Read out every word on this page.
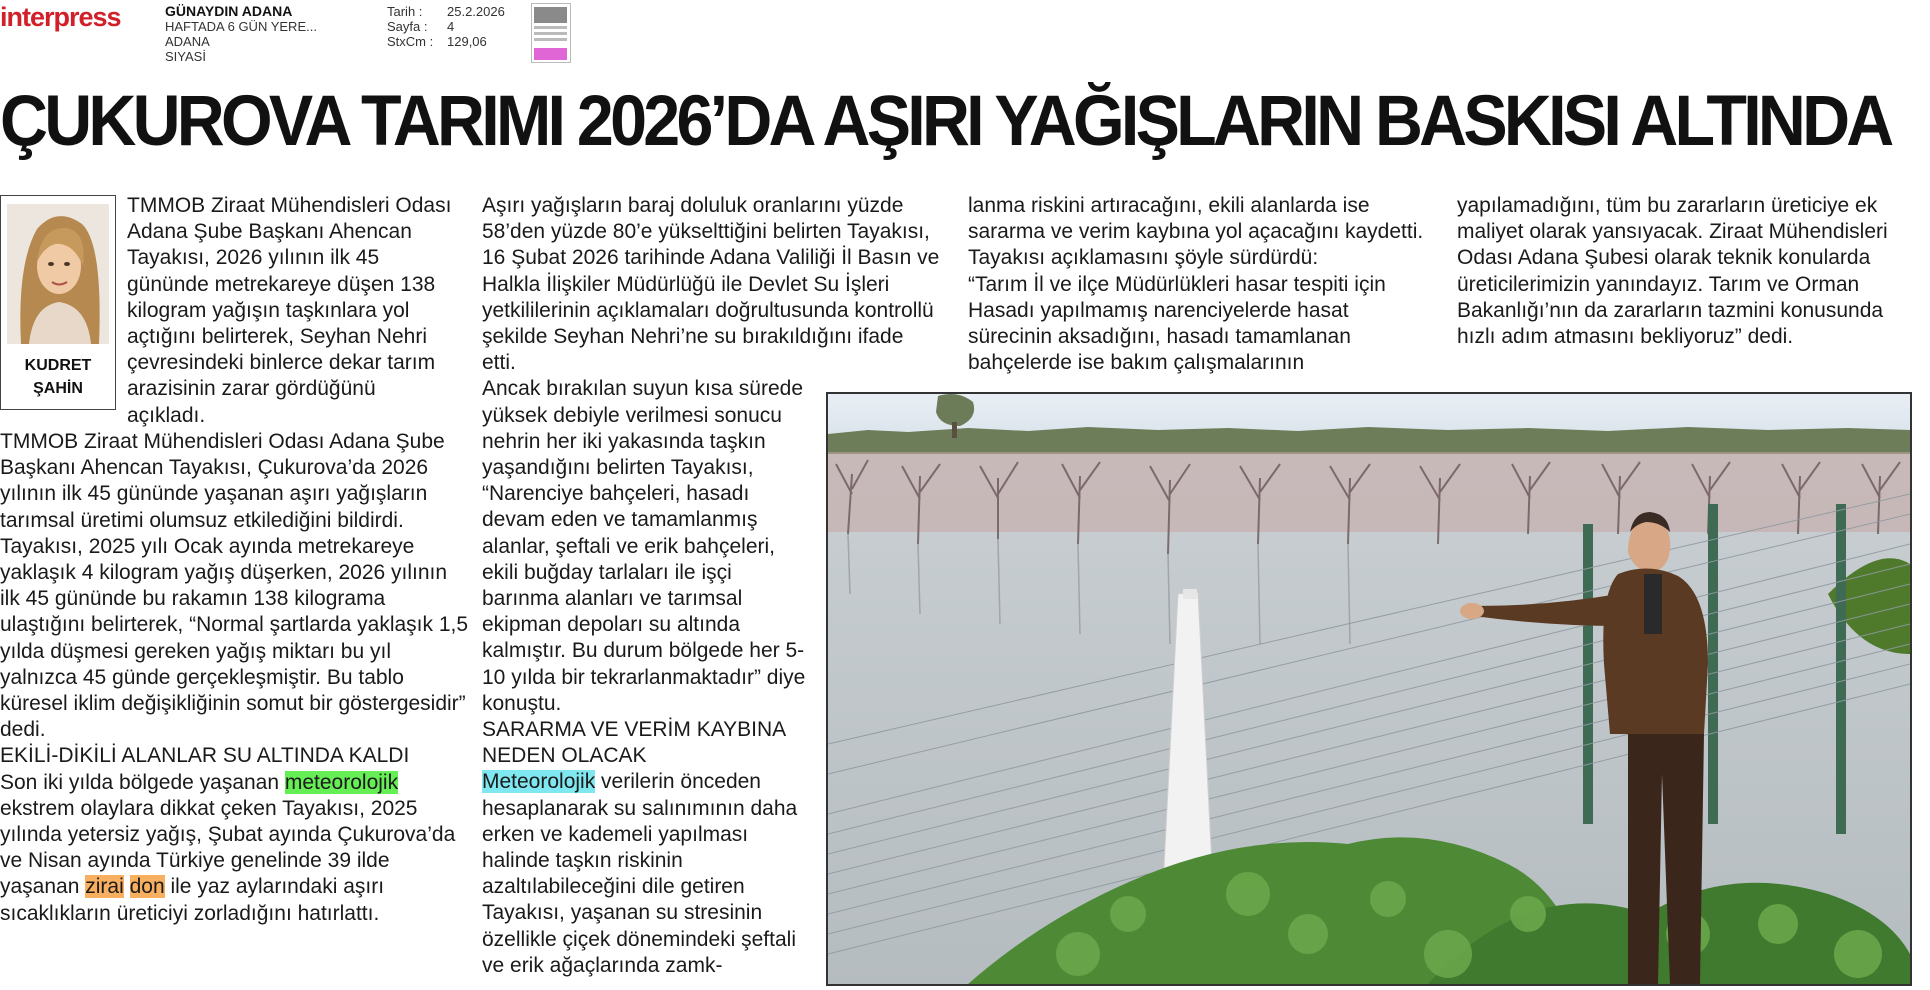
interpress	GÜNAYDIN ADANA
HAFTADA 6 GÜN YERE...
ADANA
SIYASİ
Tarih :	25.2.2026
Sayfa :	4
StxCm :	129,06
ÇUKUROVA TARIMI 2026’DA AŞIRI YAĞIŞLARIN BASKISI ALTINDA
KUDRET
ŞAHİN

TMMOB Ziraat Mühendisleri Odası Adana Şube Başkanı Ahencan Tayakısı, 2026 yılının ilk 45 gününde metrekareye düşen 138 kilogram yağışın taşkınlara yol açtığını belirterek, Seyhan Nehri çevresindeki binlerce dekar tarım arazisinin zarar gördüğünü açıkladı.

TMMOB Ziraat Mühendisleri Odası Adana Şube Başkanı Ahencan Tayakısı, Çukurova’da 2026 yılının ilk 45 gününde yaşanan aşırı yağışların tarımsal üretimi olumsuz etkilediğini bildirdi.

Tayakısı, 2025 yılı Ocak ayında metrekareye yaklaşık 4 kilogram yağış düşerken, 2026 yılının ilk 45 gününde bu rakamın 138 kilograma ulaştığını belirterek, “Normal şartlarda yaklaşık 1,5 yılda düşmesi gereken yağış miktarı bu yıl yalnızca 45 günde gerçekleşmiştir. Bu tablo küresel iklim değişikliğinin somut bir göstergesidir” dedi.

EKİLİ-DİKİLİ ALANLAR SU ALTINDA KALDI

Son iki yılda bölgede yaşanan meteorolojik ekstrem olaylara dikkat çeken Tayakısı, 2025 yılında yetersiz yağış, Şubat ayında Çukurova’da ve Nisan ayında Türkiye genelinde 39 ilde yaşanan zirai don ile yaz aylarındaki aşırı sıcaklıkların üreticiyi zorladığını hatırlattı.

Aşırı yağışların baraj doluluk oranlarını yüzde 58’den yüzde 80’e yükselttiğini belirten Tayakısı, 16 Şubat 2026 tarihinde Adana Valiliği İl Basın ve Halkla İlişkiler Müdürlüğü ile Devlet Su İşleri yetkililerinin açıklamaları doğrultusunda kontrollü şekilde Seyhan Nehri’ne su bırakıldığını ifade etti.

Ancak bırakılan suyun kısa sürede yüksek debiyle verilmesi sonucu nehrin her iki yakasında taşkın yaşandığını belirten Tayakısı, “Narenciye bahçeleri, hasadı devam eden ve tamamlanmış alanlar, şeftali ve erik bahçeleri, ekili buğday tarlaları ile işçi barınma alanları ve tarımsal ekipman depoları su altında kalmıştır. Bu durum bölgede her 5-10 yılda bir tekrarlanmaktadır” diye konuştu.

SARARMA VE VERİM KAYBINA NEDEN OLACAK

Meteorolojik verilerin önceden hesaplanarak su salınımının daha erken ve kademeli yapılması halinde taşkın riskinin azaltılabileceğini dile getiren Tayakısı, yaşanan su stresinin özellikle çiçek dönemindeki şeftali ve erik ağaçlarında zamk-

lanma riskini artıracağını, ekili alanlarda ise sararma ve verim kaybına yol açacağını kaydetti. Tayakısı açıklamasını şöyle sürdürdü:

“Tarım İl ve ilçe Müdürlükleri hasar tespiti için Hasadı yapılmamış narenciyelerde hasat sürecinin aksadığını, hasadı tamamlanan bahçelerde ise bakım çalışmalarının

yapılamadığını, tüm bu zararların üreticiye ek maliyet olarak yansıyacak. Ziraat Mühendisleri Odası Adana Şubesi olarak teknik konularda üreticilerimizin yanındayız. Tarım ve Orman Bakanlığı’nın da zararların tazmini konusunda hızlı adım atmasını bekliyoruz” dedi.
